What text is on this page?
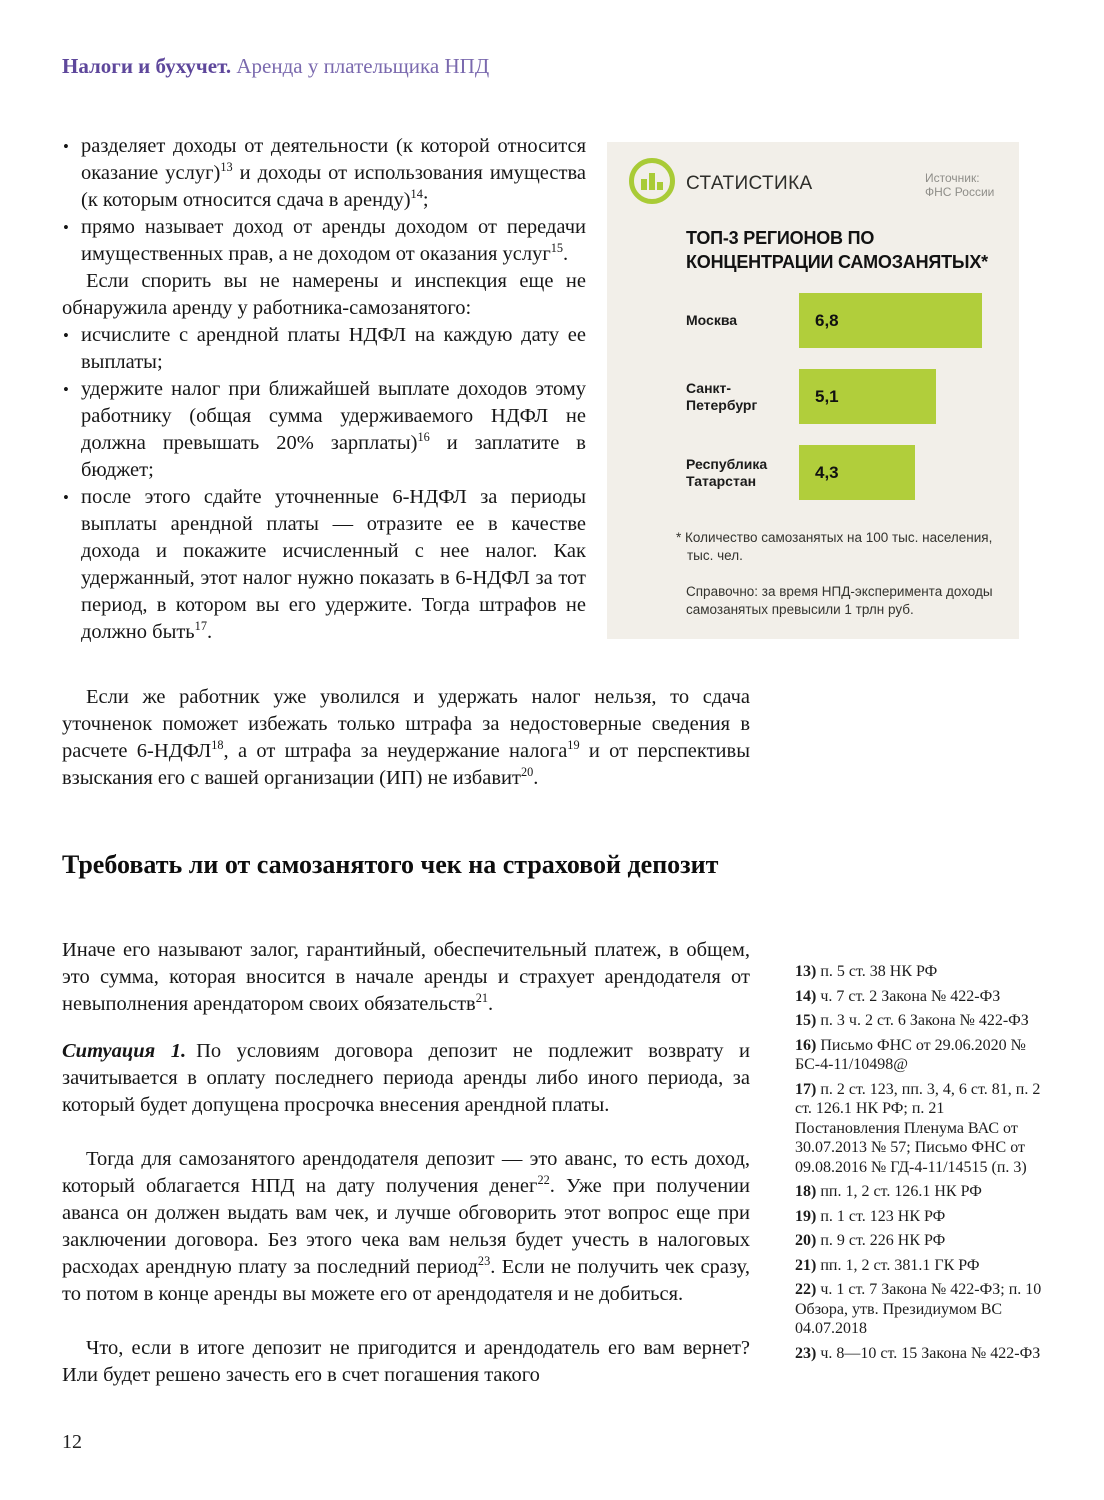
Налоги и бухучет. Аренда у плательщика НПД
СТАТИСТИКА	Источник:
ФНС России
ТОП-3 РЕГИОНОВ ПО КОНЦЕНТРАЦИИ САМОЗАНЯТЫХ*
Москва	6,8
Санкт-Петербург	5,1
Республика Татарстан	4,3

* Количество самозанятых на 100 тыс. населения, тыс. чел.

Справочно: за время НПД-эксперимента доходы самозанятых превысили 1 трлн руб.

• разделяет доходы от деятельности (к которой относится оказание услуг)$^{13}$ и доходы от использования имущества (к которым относится сдача в аренду)$^{14}$;
• прямо называет доход от аренды доходом от передачи имущественных прав, а не доходом от оказания услуг$^{15}$.
Если спорить вы не намерены и инспекция еще не обнаружила аренду у работника-самозанятого:
• исчислите с арендной платы НДФЛ на каждую дату ее выплаты;
• удержите налог при ближайшей выплате доходов этому работнику (общая сумма удерживаемого НДФЛ не должна превышать 20% зарплаты)$^{16}$ и заплатите в бюджет;
• после этого сдайте уточненные 6-НДФЛ за периоды выплаты арендной платы — отразите ее в качестве дохода и покажите исчисленный с нее налог. Как удержанный, этот налог нужно показать в 6-НДФЛ за тот период, в котором вы его удержите. Тогда штрафов не должно быть$^{17}$.
Если же работник уже уволился и удержать налог нельзя, то сдача уточненок поможет избежать только штрафа за недостоверные сведения в расчете 6-НДФЛ$^{18}$, а от штрафа за неудержание налога$^{19}$ и от перспективы взыскания его с вашей организации (ИП) не избавит$^{20}$.
Требовать ли от самозанятого чек на страховой депозит
Иначе его называют залог, гарантийный, обеспечительный платеж, в общем, это сумма, которая вносится в начале аренды и страхует арендодателя от невыполнения арендатором своих обязательств$^{21}$.
Ситуация 1. По условиям договора депозит не подлежит возврату и зачитывается в оплату последнего периода аренды либо иного периода, за который будет допущена просрочка внесения арендной платы.
Тогда для самозанятого арендодателя депозит — это аванс, то есть доход, который облагается НПД на дату получения денег$^{22}$. Уже при получении аванса он должен выдать вам чек, и лучше обговорить этот вопрос еще при заключении договора. Без этого чека вам нельзя будет учесть в налоговых расходах арендную плату за последний период$^{23}$. Если не получить чек сразу, то потом в конце аренды вы можете его от арендодателя и не добиться.
Что, если в итоге депозит не пригодится и арендодатель его вам вернет? Или будет решено зачесть его в счет погашения такого

13) п. 5 ст. 38 НК РФ

14) ч. 7 ст. 2 Закона № 422-ФЗ

15) п. 3 ч. 2 ст. 6 Закона № 422-ФЗ

16) Письмо ФНС от 29.06.2020 № БС-4-11/10498@

17) п. 2 ст. 123, пп. 3, 4, 6 ст. 81, п. 2 ст. 126.1 НК РФ; п. 21 Постановления Пленума ВАС от 30.07.2013 № 57; Письмо ФНС от 09.08.2016 № ГД-4-11/14515 (п. 3)

18) пп. 1, 2 ст. 126.1 НК РФ

19) п. 1 ст. 123 НК РФ

20) п. 9 ст. 226 НК РФ

21) пп. 1, 2 ст. 381.1 ГК РФ

22) ч. 1 ст. 7 Закона № 422-ФЗ; п. 10 Обзора, утв. Президиумом ВС 04.07.2018

23) ч. 8—10 ст. 15 Закона № 422-ФЗ

12
